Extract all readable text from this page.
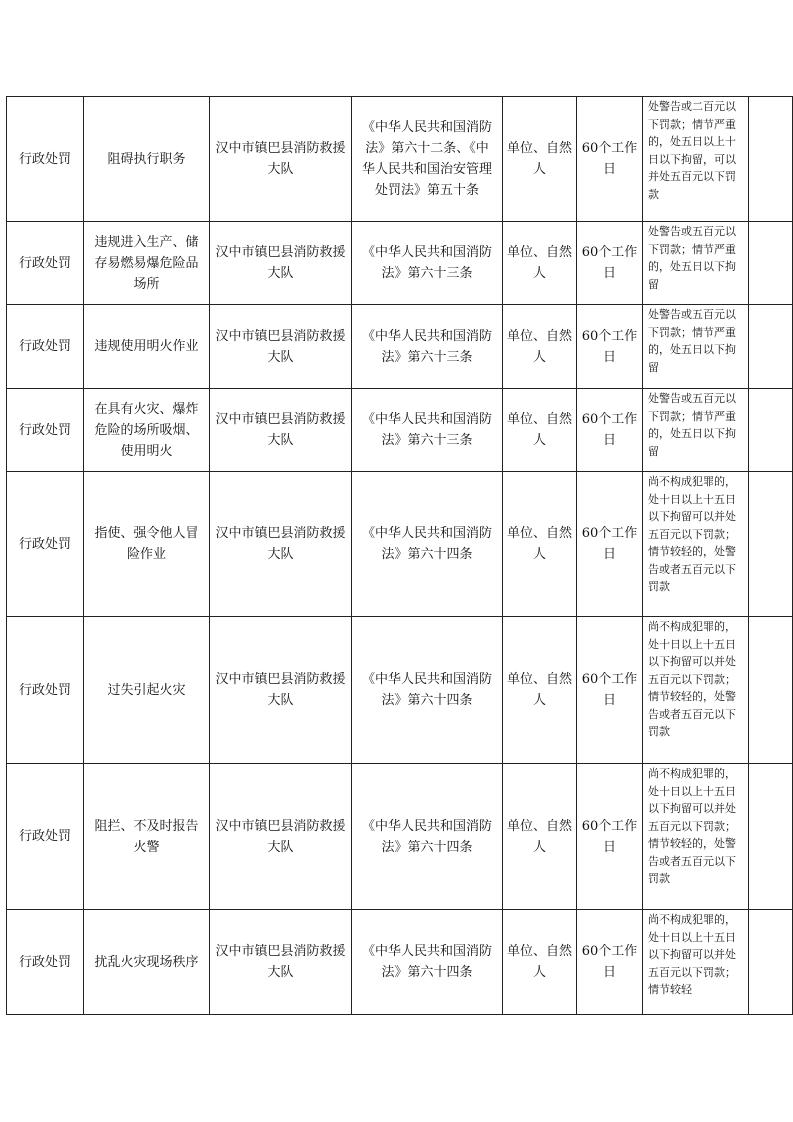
行政处罚	阻碍执行职务	汉中市镇巴县消防救援大队	《中华人民共和国消防法》第六十二条、《中华人民共和国治安管理处罚法》第五十条	单位、自然人	60个工作日	处警告或二百元以下罚款；情节严重的，处五日以上十日以下拘留，可以并处五百元以下罚款	
行政处罚	违规进入生产、储存易燃易爆危险品场所	汉中市镇巴县消防救援大队	《中华人民共和国消防法》第六十三条	单位、自然人	60个工作日	处警告或五百元以下罚款；情节严重的，处五日以下拘留	
行政处罚	违规使用明火作业	汉中市镇巴县消防救援大队	《中华人民共和国消防法》第六十三条	单位、自然人	60个工作日	处警告或五百元以下罚款；情节严重的，处五日以下拘留	
行政处罚	在具有火灾、爆炸危险的场所吸烟、使用明火	汉中市镇巴县消防救援大队	《中华人民共和国消防法》第六十三条	单位、自然人	60个工作日	处警告或五百元以下罚款；情节严重的，处五日以下拘留	
行政处罚	指使、强令他人冒险作业	汉中市镇巴县消防救援大队	《中华人民共和国消防法》第六十四条	单位、自然人	60个工作日	尚不构成犯罪的，处十日以上十五日以下拘留可以并处五百元以下罚款；情节较轻的，处警告或者五百元以下罚款	
行政处罚	过失引起火灾	汉中市镇巴县消防救援大队	《中华人民共和国消防法》第六十四条	单位、自然人	60个工作日	尚不构成犯罪的，处十日以上十五日以下拘留可以并处五百元以下罚款；情节较轻的，处警告或者五百元以下罚款	
行政处罚	阻拦、不及时报告火警	汉中市镇巴县消防救援大队	《中华人民共和国消防法》第六十四条	单位、自然人	60个工作日	尚不构成犯罪的，处十日以上十五日以下拘留可以并处五百元以下罚款；情节较轻的，处警告或者五百元以下罚款	
行政处罚	扰乱火灾现场秩序	汉中市镇巴县消防救援大队	《中华人民共和国消防法》第六十四条	单位、自然人	60个工作日	尚不构成犯罪的，处十日以上十五日以下拘留可以并处五百元以下罚款；情节较轻	
